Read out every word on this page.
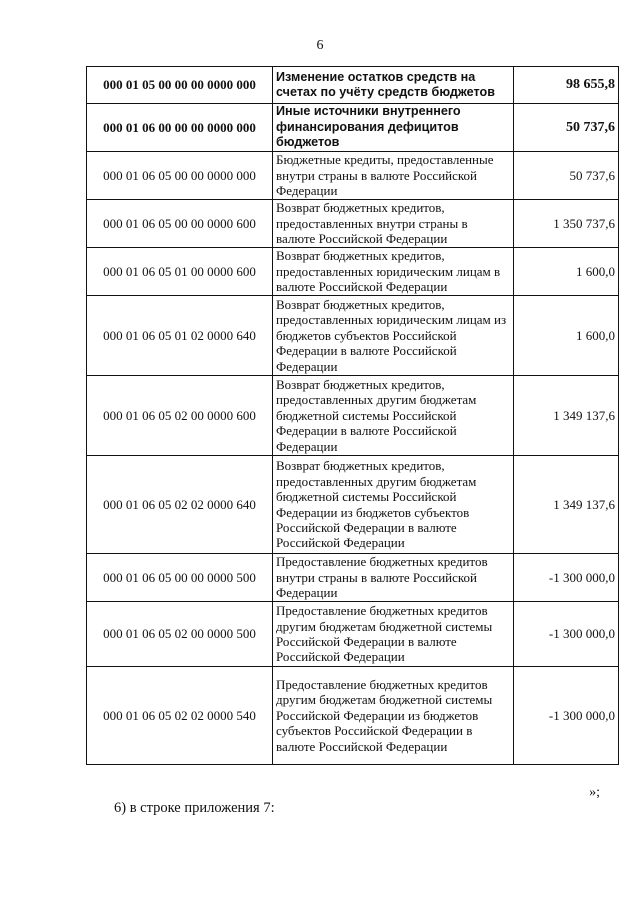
6
000 01 05 00 00 00 0000 000	Изменение остатков средств на счетах по учёту средств бюджетов	98 655,8
000 01 06 00 00 00 0000 000	Иные источники внутреннего финансирования дефицитов бюджетов	50 737,6
000 01 06 05 00 00 0000 000	Бюджетные кредиты, предоставленные внутри страны в валюте Российской Федерации	50 737,6
000 01 06 05 00 00 0000 600	Возврат бюджетных кредитов, предоставленных внутри страны в валюте Российской Федерации	1 350 737,6
000 01 06 05 01 00 0000 600	Возврат бюджетных кредитов, предоставленных юридическим лицам в валюте Российской Федерации	1 600,0
000 01 06 05 01 02 0000 640	Возврат бюджетных кредитов, предоставленных юридическим лицам из бюджетов субъектов Российской Федерации в валюте Российской Федерации	1 600,0
000 01 06 05 02 00 0000 600	Возврат бюджетных кредитов, предоставленных другим бюджетам бюджетной системы Российской Федерации в валюте Российской Федерации	1 349 137,6
000 01 06 05 02 02 0000 640	Возврат бюджетных кредитов, предоставленных другим бюджетам бюджетной системы Российской Федерации из бюджетов субъектов Российской Федерации в валюте Российской Федерации	1 349 137,6
000 01 06 05 00 00 0000 500	Предоставление бюджетных кредитов внутри страны в валюте Российской Федерации	-1 300 000,0
000 01 06 05 02 00 0000 500	Предоставление бюджетных кредитов другим бюджетам бюджетной системы Российской Федерации в валюте Российской Федерации	-1 300 000,0
000 01 06 05 02 02 0000 540	Предоставление бюджетных кредитов другим бюджетам бюджетной системы Российской Федерации из бюджетов субъектов Российской Федерации в валюте Российской Федерации	-1 300 000,0
»;
6) в строке приложения 7:
